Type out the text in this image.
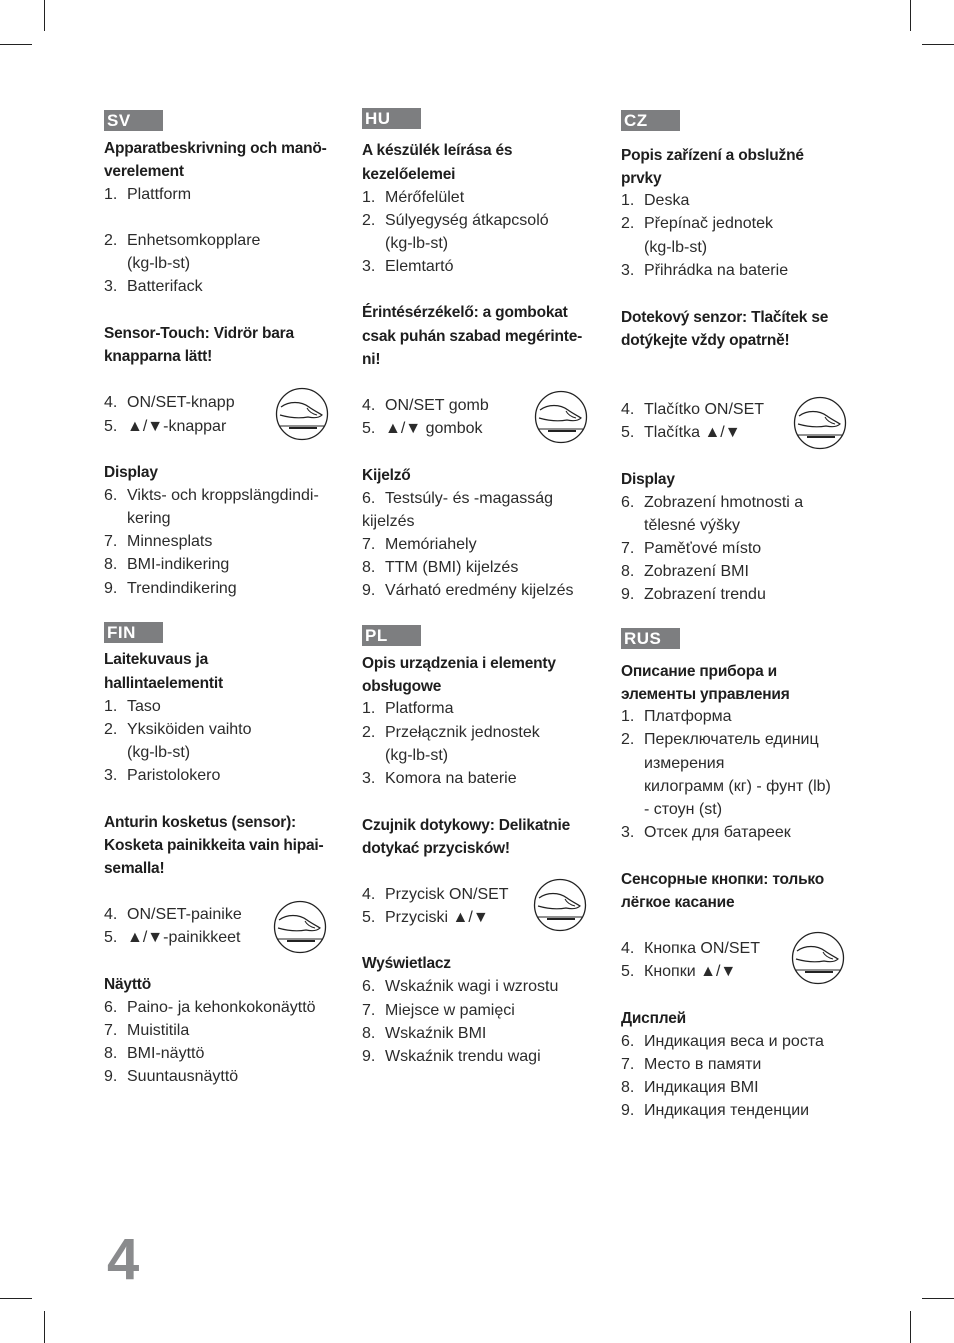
4
SV
Apparatbeskrivning och manö-
verelement
1. Plattform
2. Enhetsomkopplare
(kg-lb-st)
3. Batterifack
Sensor-Touch: Vidrör bara
knapparna lätt!
4. ON/SET-knapp
5. ▲/▼-knappar
Display
6. Vikts- och kroppslängdindi-
kering
7. Minnesplats
8. BMI-indikering
9. Trendindikering
FIN
Laitekuvaus ja
hallintaelementit
1. Taso
2. Yksiköiden vaihto
(kg-lb-st)
3. Paristolokero
Anturin kosketus (sensor):
Kosketa painikkeita vain hipai-
semalla!
4. ON/SET-painike
5. ▲/▼-painikkeet
Näyttö
6. Paino- ja kehonkokonäyttö
7. Muistitila
8. BMI-näyttö
9. Suuntausnäyttö
HU
A készülék leírása és
kezelőelemei
1. Mérőfelület
2. Súlyegység átkapcsoló
(kg-lb-st)
3. Elemtartó
Érintésérzékelő: a gombokat
csak puhán szabad megérinte-
ni!
4. ON/SET gomb
5. ▲/▼ gombok
Kijelző
6. Testsúly- és -magasság
kijelzés
7. Memóriahely
8. TTM (BMI) kijelzés
9. Várható eredmény kijelzés
PL
Opis urządzenia i elementy
obsługowe
1. Platforma
2. Przełącznik jednostek
(kg-lb-st)
3. Komora na baterie
Czujnik dotykowy: Delikatnie
dotykać przycisków!
4. Przycisk ON/SET
5. Przyciski ▲/▼
Wyświetlacz
6. Wskaźnik wagi i wzrostu
7. Miejsce w pamięci
8. Wskaźnik BMI
9. Wskaźnik trendu wagi
CZ
Popis zařízení a obslužné
prvky
1. Deska
2. Přepínač jednotek
(kg-lb-st)
3. Přihrádka na baterie
Dotekový senzor: Tlačítek se
dotýkejte vždy opatrně!
4. Tlačítko ON/SET
5. Tlačítka ▲/▼
Display
6. Zobrazení hmotnosti a
tělesné výšky
7. Paměťové místo
8. Zobrazení BMI
9. Zobrazení trendu
RUS
Описание прибора и
элементы управления
1. Платформа
2. Переключатель единиц
измерения
килограмм (кг) - фунт (lb)
- стоун (st)
3. Отсек для батареек
Сенсорные кнопки: только
лёгкое касание
4. Кнопка ON/SET
5. Кнопки ▲/▼
Дисплей
6. Индикация веса и роста
7. Место в памяти
8. Индикация BMI
9. Индикация тенденции
